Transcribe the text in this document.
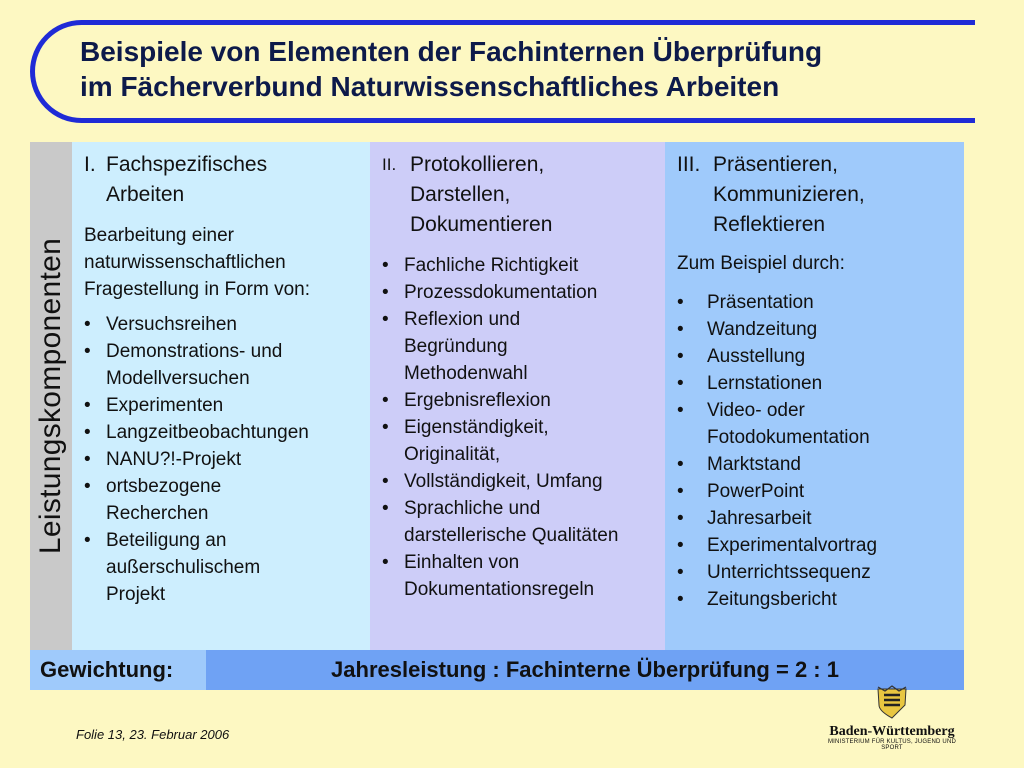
Beispiele von Elementen der Fachinternen Überprüfung
im Fächerverbund Naturwissenschaftliches Arbeiten
Leistungskomponenten
I. Fachspezifisches
Arbeiten
Bearbeitung einer
naturwissenschaftlichen
Fragestellung in Form von:
• Versuchsreihen
• Demonstrations- und
Modellversuchen
• Experimenten
• Langzeitbeobachtungen
• NANU?!-Projekt
• ortsbezogene
Recherchen
• Beteiligung an
außerschulischem
Projekt
II. Protokollieren,
Darstellen,
Dokumentieren
• Fachliche Richtigkeit
• Prozessdokumentation
• Reflexion und
Begründung
Methodenwahl
• Ergebnisreflexion
• Eigenständigkeit,
Originalität,
• Vollständigkeit, Umfang
• Sprachliche und
darstellerische Qualitäten
• Einhalten von
Dokumentationsregeln
III. Präsentieren,
Kommunizieren,
Reflektieren
Zum Beispiel durch:
•	Präsentation
•	Wandzeitung
•	Ausstellung
•	Lernstationen
•	Video- oder
Fotodokumentation
•	Marktstand
•	PowerPoint
•	Jahresarbeit
•	Experimentalvortrag
•	Unterrichtssequenz
•	Zeitungsbericht
Gewichtung:	Jahresleistung : Fachinterne Überprüfung = 2 : 1
Folie 13, 23. Februar 2006	Baden-Württemberg
MINISTERIUM FÜR KULTUS, JUGEND UND SPORT
